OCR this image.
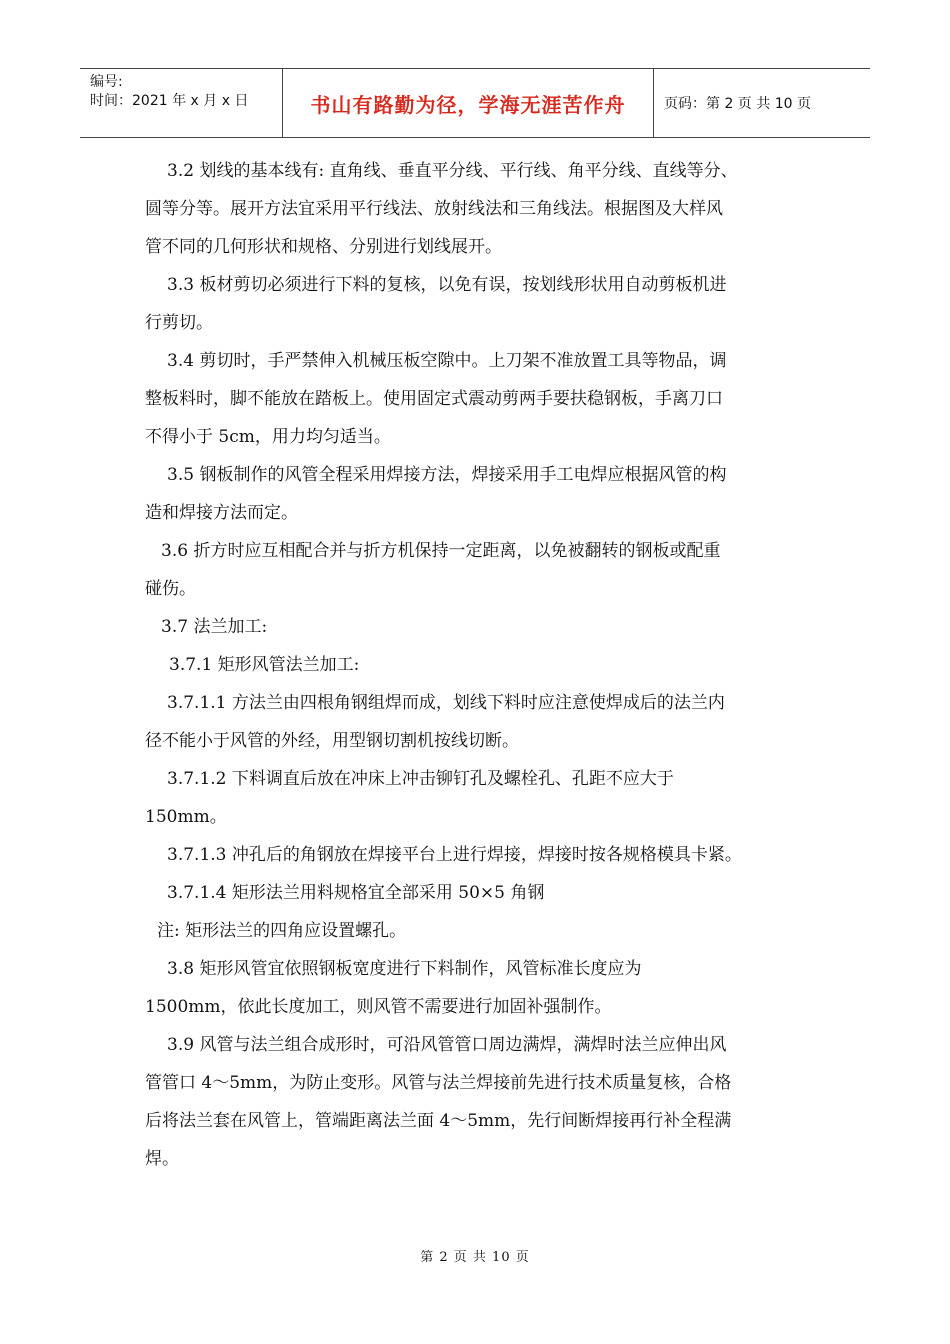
编号:
时间：2021 年 x 月 x 日	书山有路勤为径，学海无涯苦作舟	页码：第 2 页 共 10 页
3.2 划线的基本线有: 直角线、垂直平分线、平行线、角平分线、直线等分、
圆等分等。展开方法宜采用平行线法、放射线法和三角线法。根据图及大样风
管不同的几何形状和规格、分别进行划线展开。
3.3 板材剪切必须进行下料的复核，以免有误，按划线形状用自动剪板机进
行剪切。
3.4 剪切时，手严禁伸入机械压板空隙中。上刀架不准放置工具等物品，调
整板料时，脚不能放在踏板上。使用固定式震动剪两手要扶稳钢板，手离刀口
不得小于 5cm，用力均匀适当。
3.5 钢板制作的风管全程采用焊接方法，焊接采用手工电焊应根据风管的构
造和焊接方法而定。
3.6 折方时应互相配合并与折方机保持一定距离，以免被翻转的钢板或配重
碰伤。
3.7 法兰加工:
3.7.1 矩形风管法兰加工:
3.7.1.1 方法兰由四根角钢组焊而成，划线下料时应注意使焊成后的法兰内
径不能小于风管的外经，用型钢切割机按线切断。
3.7.1.2 下料调直后放在冲床上冲击铆钉孔及螺栓孔、孔距不应大于
150mm。
3.7.1.3 冲孔后的角钢放在焊接平台上进行焊接，焊接时按各规格模具卡紧。
3.7.1.4 矩形法兰用料规格宜全部采用 50×5 角钢
注: 矩形法兰的四角应设置螺孔。
3.8 矩形风管宜依照钢板宽度进行下料制作，风管标准长度应为
1500mm，依此长度加工，则风管不需要进行加固补强制作。
3.9 风管与法兰组合成形时，可沿风管管口周边满焊，满焊时法兰应伸出风
管管口 4～5mm，为防止变形。风管与法兰焊接前先进行技术质量复核，合格
后将法兰套在风管上，管端距离法兰面 4～5mm，先行间断焊接再行补全程满
焊。
第 2 页 共 10 页
